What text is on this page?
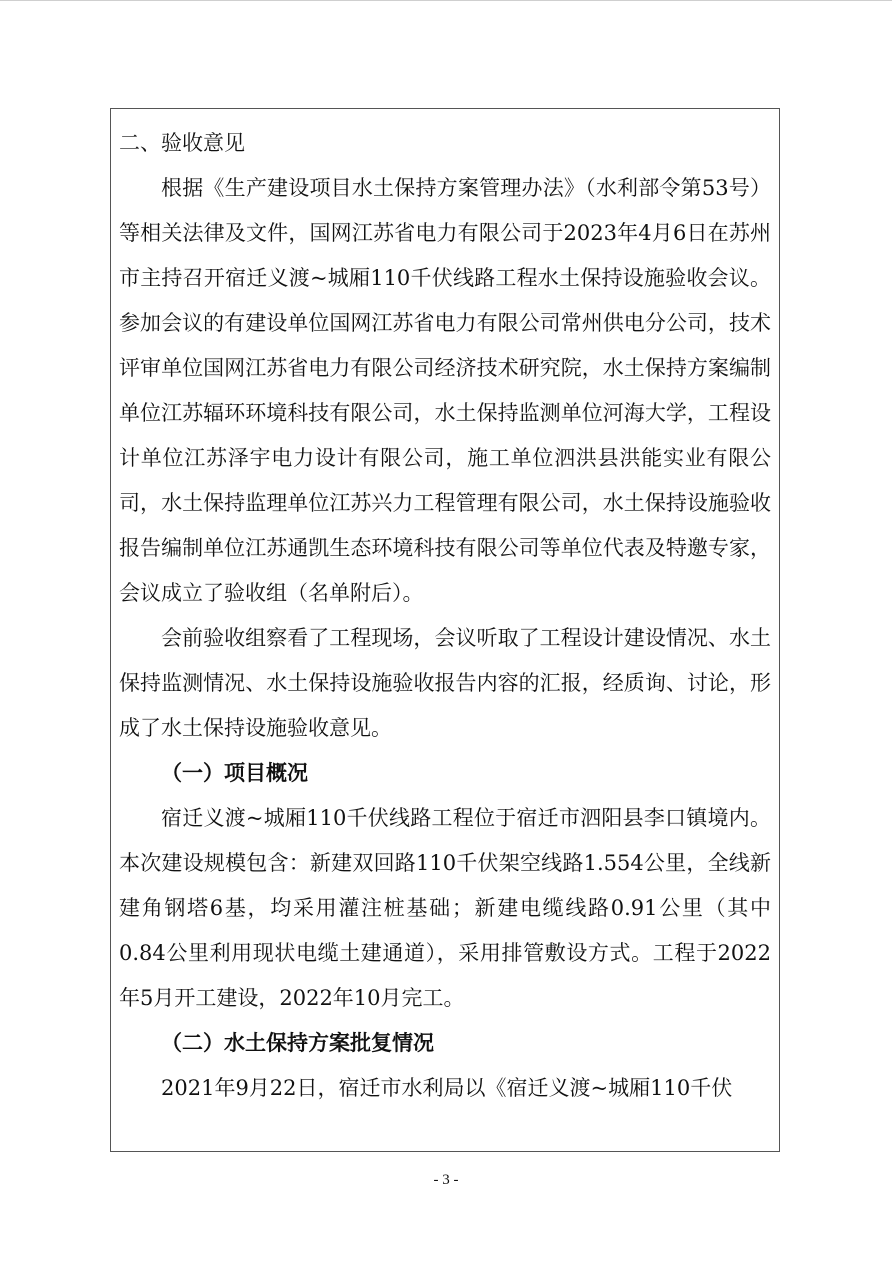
二、验收意见

根据《生产建设项目水土保持方案管理办法》（水利部令第53号）等相关法律及文件，国网江苏省电力有限公司于2023年4月6日在苏州市主持召开宿迁义渡~城厢110千伏线路工程水土保持设施验收会议。参加会议的有建设单位国网江苏省电力有限公司常州供电分公司，技术评审单位国网江苏省电力有限公司经济技术研究院，水土保持方案编制单位江苏辐环环境科技有限公司，水土保持监测单位河海大学，工程设计单位江苏泽宇电力设计有限公司，施工单位泗洪县洪能实业有限公司，水土保持监理单位江苏兴力工程管理有限公司，水土保持设施验收报告编制单位江苏通凯生态环境科技有限公司等单位代表及特邀专家，会议成立了验收组（名单附后）。

会前验收组察看了工程现场，会议听取了工程设计建设情况、水土保持监测情况、水土保持设施验收报告内容的汇报，经质询、讨论，形成了水土保持设施验收意见。

（一）项目概况

宿迁义渡~城厢110千伏线路工程位于宿迁市泗阳县李口镇境内。本次建设规模包含：新建双回路110千伏架空线路1.554公里，全线新建角钢塔6基，均采用灌注桩基础；新建电缆线路0.91公里（其中0.84公里利用现状电缆土建通道），采用排管敷设方式。工程于2022年5月开工建设，2022年10月完工。

（二）水土保持方案批复情况

2021年9月22日，宿迁市水利局以《宿迁义渡~城厢110千伏

- 3 -
